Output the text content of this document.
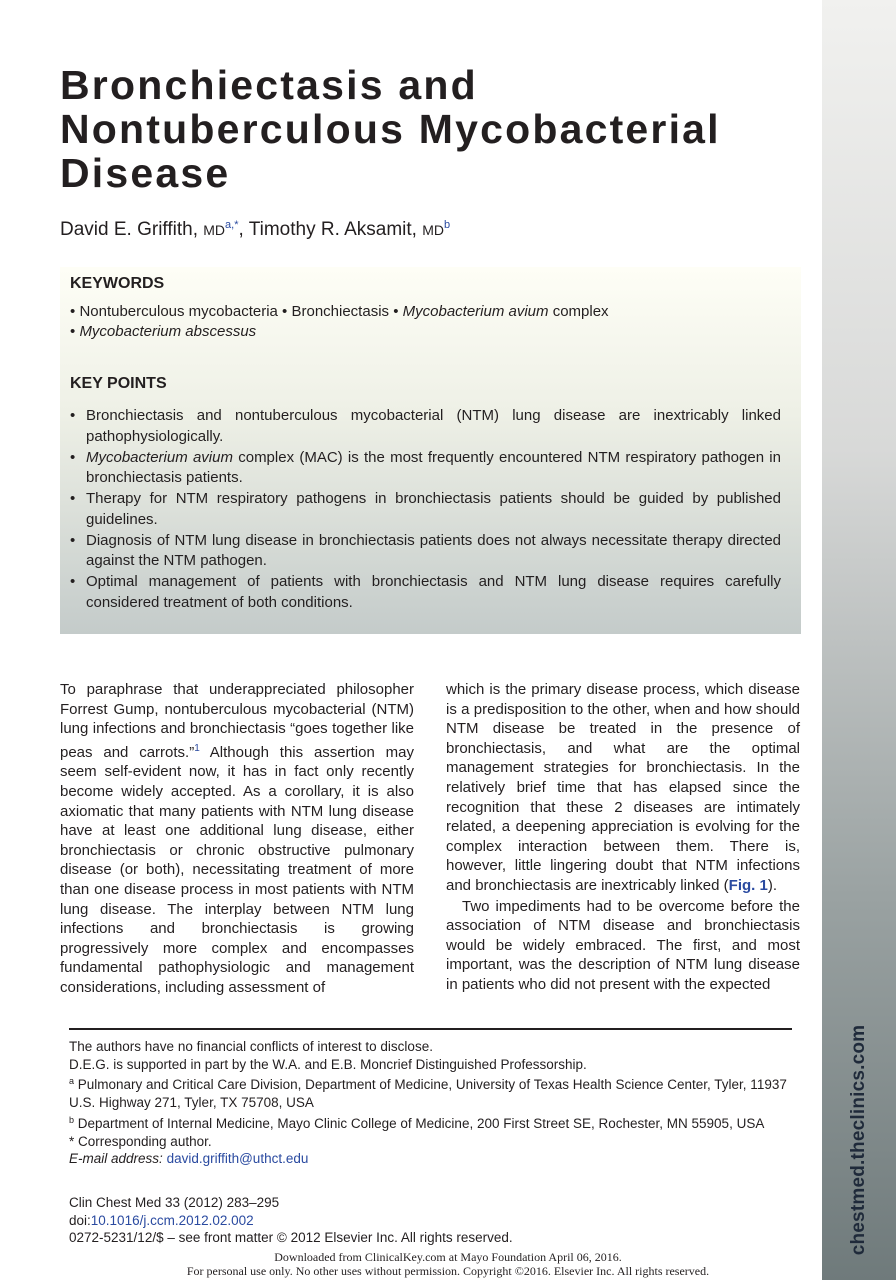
chestmed.theclinics.com
Bronchiectasis and
Nontuberculous Mycobacterial
Disease
David E. Griffith, $MD^{a,*}$, Timothy R. Aksamit, $MD^b$
KEYWORDS
• Nontuberculous mycobacteria • Bronchiectasis • Mycobacterium avium complex
• Mycobacterium abscessus
KEY POINTS
• Bronchiectasis and nontuberculous mycobacterial (NTM) lung disease are inextricably linked pathophysiologically.
• Mycobacterium avium complex (MAC) is the most frequently encountered NTM respiratory pathogen in bronchiectasis patients.
• Therapy for NTM respiratory pathogens in bronchiectasis patients should be guided by published guidelines.
• Diagnosis of NTM lung disease in bronchiectasis patients does not always necessitate therapy directed against the NTM pathogen.
• Optimal management of patients with bronchiectasis and NTM lung disease requires carefully considered treatment of both conditions.

To paraphrase that underappreciated philosopher Forrest Gump, nontuberculous mycobacterial (NTM) lung infections and bronchiectasis “goes together like peas and carrots.”$^1$ Although this assertion may seem self-evident now, it has in fact only recently become widely accepted. As a corollary, it is also axiomatic that many patients with NTM lung disease have at least one additional lung disease, either bronchiectasis or chronic obstructive pulmonary disease (or both), necessitating treatment of more than one disease process in most patients with NTM lung disease. The interplay between NTM lung infections and bronchiectasis is growing progressively more complex and encompasses fundamental pathophysiologic and management considerations, including assessment of

which is the primary disease process, which disease is a predisposition to the other, when and how should NTM disease be treated in the presence of bronchiectasis, and what are the optimal management strategies for bronchiectasis. In the relatively brief time that has elapsed since the recognition that these 2 diseases are intimately related, a deepening appreciation is evolving for the complex interaction between them. There is, however, little lingering doubt that NTM infections and bronchiectasis are inextricably linked (Fig. 1).

Two impediments had to be overcome before the association of NTM disease and bronchiectasis would be widely embraced. The first, and most important, was the description of NTM lung disease in patients who did not present with the expected

The authors have no financial conflicts of interest to disclose.
D.E.G. is supported in part by the W.A. and E.B. Moncrief Distinguished Professorship.
$^a$ Pulmonary and Critical Care Division, Department of Medicine, University of Texas Health Science Center, Tyler, 11937 U.S. Highway 271, Tyler, TX 75708, USA
$^b$ Department of Internal Medicine, Mayo Clinic College of Medicine, 200 First Street SE, Rochester, MN 55905, USA
* Corresponding author.
E-mail address: david.griffith@uthct.edu
Clin Chest Med 33 (2012) 283–295
doi:10.1016/j.ccm.2012.02.002
0272-5231/12/$ – see front matter © 2012 Elsevier Inc. All rights reserved.
Downloaded from ClinicalKey.com at Mayo Foundation April 06, 2016.
For personal use only. No other uses without permission. Copyright ©2016. Elsevier Inc. All rights reserved.
